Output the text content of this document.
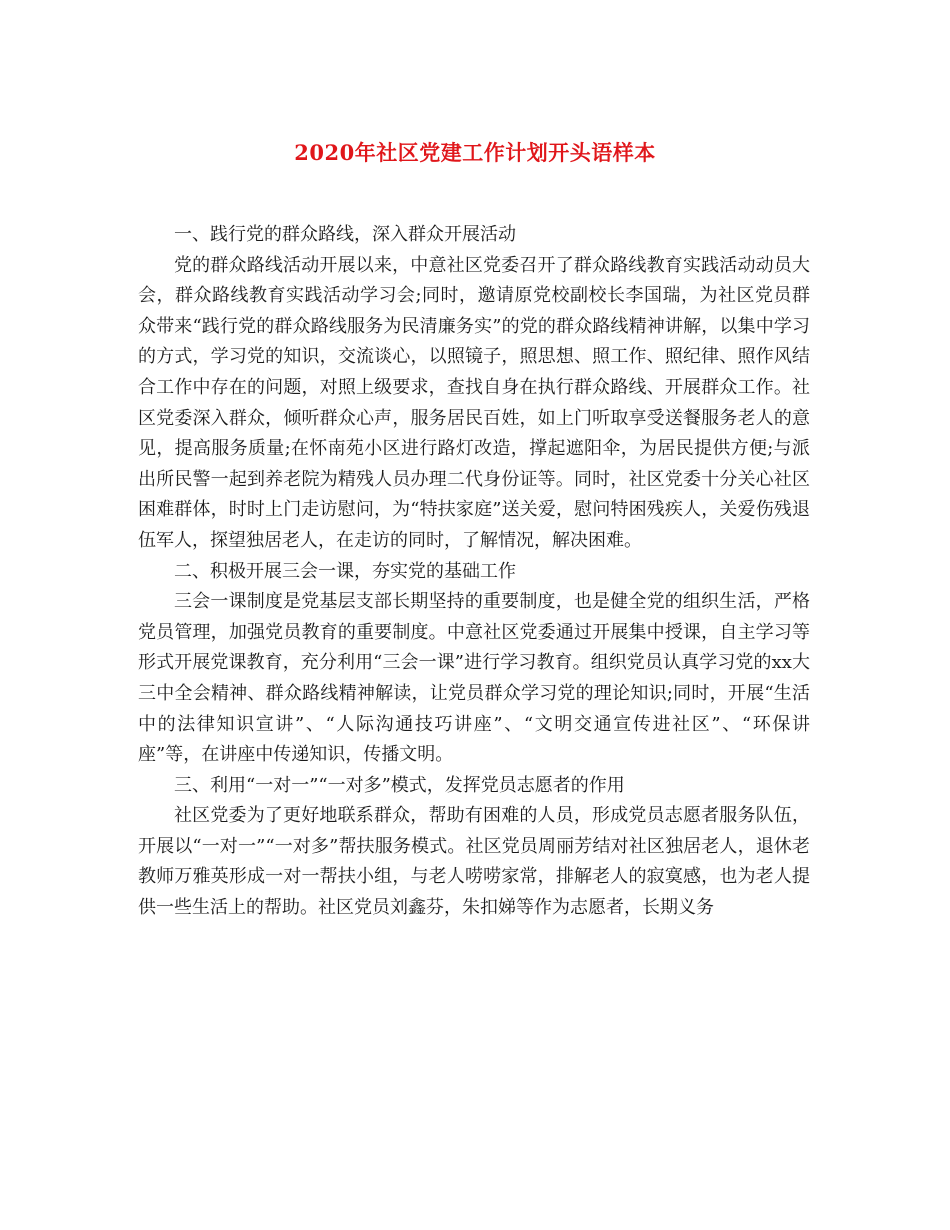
2020年社区党建工作计划开头语样本

一、践行党的群众路线，深入群众开展活动

党的群众路线活动开展以来，中意社区党委召开了群众路线教育实践活动动员大会，群众路线教育实践活动学习会;同时，邀请原党校副校长李国瑞，为社区党员群众带来“践行党的群众路线服务为民清廉务实”的党的群众路线精神讲解，以集中学习的方式，学习党的知识，交流谈心，以照镜子，照思想、照工作、照纪律、照作风结合工作中存在的问题，对照上级要求，查找自身在执行群众路线、开展群众工作。社区党委深入群众，倾听群众心声，服务居民百姓，如上门听取享受送餐服务老人的意见，提高服务质量;在怀南苑小区进行路灯改造，撑起遮阳伞，为居民提供方便;与派出所民警一起到养老院为精残人员办理二代身份证等。同时，社区党委十分关心社区困难群体，时时上门走访慰问，为“特扶家庭”送关爱，慰问特困残疾人，关爱伤残退伍军人，探望独居老人，在走访的同时，了解情况，解决困难。

二、积极开展三会一课，夯实党的基础工作

三会一课制度是党基层支部长期坚持的重要制度，也是健全党的组织生活，严格党员管理，加强党员教育的重要制度。中意社区党委通过开展集中授课，自主学习等形式开展党课教育，充分利用“三会一课”进行学习教育。组织党员认真学习党的xx大三中全会精神、群众路线精神解读，让党员群众学习党的理论知识;同时，开展“生活中的法律知识宣讲”、“人际沟通技巧讲座”、“文明交通宣传进社区”、“环保讲座”等，在讲座中传递知识，传播文明。

三、利用“一对一”“一对多”模式，发挥党员志愿者的作用

社区党委为了更好地联系群众，帮助有困难的人员，形成党员志愿者服务队伍，开展以“一对一”“一对多”帮扶服务模式。社区党员周丽芳结对社区独居老人，退休老教师万雅英形成一对一帮扶小组，与老人唠唠家常，排解老人的寂寞感，也为老人提供一些生活上的帮助。社区党员刘鑫芬，朱扣娣等作为志愿者，长期义务
